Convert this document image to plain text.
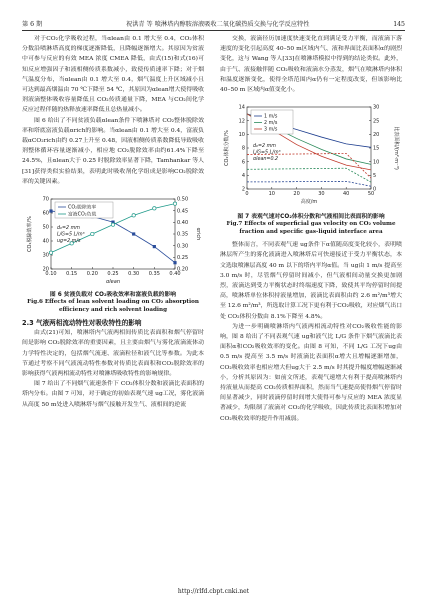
第 6 期	祝洪青 等 喷淋塔内醇胺溶液吸收二氧化碳热质交换与化学反应特性	145

对于CO₂化学吸收过程，当αlean由 0.1 增大至 0.4，CO₂体积分数沿喷淋塔高度的梯度逐渐降低，且降幅逐渐增大。其原因为贫液中可参与反应的有效 MEA 浓度 CMEA 降低，由式(15)和式(16)可知反应增强因子和液相侧传质系数减小，致使传质速率下降；对于烟气温度分布，当αlean由 0.1 增大至 0.4，烟气温度上升区域减小且可达到最高烟温由 70 ℃下降至 54 ℃，其原因为αlean增大使得吸收剂液滴整体吸收容量降低且 CO₂传质通量下降，MEA 与CO₂间化学反应过程伴随的热释放速率降低且总热量减小。

图 6 给出了不同贫液负载αlean条件下喷淋塔对 CO₂整体脱除效率和塔底富液负载αrich的影响。当αlean由 0.1 增大至 0.4，富液负载αCO₂rich由约 0.27上升至 0.48，因液相侧传质系数降低导致吸收剂整体循环容量逐渐减小，相应地 CO₂脱除效率由约61.4%下降至 24.5%，且αlean大于 0.25 时脱除效率显著下降，Tamhankar 等人[31]获得类似实验结果，表明此时吸收剂化学组成是影响CO₂脱除效率的关键因素。

0.10 0.15 0.20 0.25 0.30 0.35 0.40
20
30
40
50
60
70
0.20
0.25
0.30
0.35
0.40
0.45
0.50
αlean
CO₂脱除效率/%	αrich
CO₂脱除效率
富液CO₂负载
d₀=2 mm
L/G=5 L/m³
ug=2 m/s
图 6 贫液负载对 CO₂吸收效率和富液负载的影响
Fig.6 Effects of lean solvent loading on CO₂ absorption
efficiency and rich solvent loading

2.3 气液两相流动特性对吸收特性的影响

由式(21)可知，喷淋塔内气液两相间传质比表面积和烟气停留时间是影响 CO₂脱除效率的重要因素，且主要由烟气与雾化液滴流体动力学特性决定的，包括烟气流速、液滴粒径和液气比等参数。为此本节通过考察不同气液流动特性参数对传质比表面积和CO₂脱除效率的影响获得气液两相流动特性对喷淋塔吸收特性的影响规律。

图 7 给出了不同烟气流速条件下 CO₂体积分数和液滴比表面积的塔内分布。由图 7 可知，对于确定的初始表观气速 ug工况，雾化液滴从高度 50 m处进入喷淋塔与烟气接触开发生气、液相间的逆流

交换，液滴径历加速度快速变化直到满足受力平衡，而液滴下落速度的变化引起高度 40–50 m区域内气、液和界面比表面积α的剧烈变化，这与 Wang 等人[33]在喷淋塔模拟中得到的结论类似。此外，由于气、液接触伴随 CO₂吸收和液滴水分蒸发，烟气在喷淋塔内体积和温度逐渐变化，使得全塔范围内α仍有一定程度改变，但该影响比 40–50 m 区域内α值变化小。

0	10	20	30	40	50
2
4
6
8
10
12
14
0
5
10
15
20
25
30
高度/m
CO₂体积分数/%	比表面积/(m²·m⁻³)
1 m/s
2 m/s
3 m/s
d₀=2 mm
L/G=5 L/m³
αlean=0.2
图 7 表观气速对CO₂体积分数和气液相间比表面积的影响
Fig.7 Effects of superficial gas velocity on CO₂ volume
fraction and specific gas-liquid interface area

整体而言，不同表观气速 ug条件下α值随高度变化较小，表明喷淋层所产生的雾化液滴进入喷淋塔后可快速接近于受力平衡状态，本文选取喷淋层高度 40 m 以下的塔内平均α值。当 ug由 1 m/s 提高至 3.0 m/s 时，尽管烟气停留时间减小，但气液相间动量交换更加剧烈，液滴达到受力平衡状态时终端速度下降，致使其平均停留时间提高，喷淋塔单位体积持液量增加，液滴比表面积由约 2.6 m²/m³增大至 12.6 m²/m³，所选取计算工况下更有利于CO₂吸收，对应烟气出口处 CO₂体积分数由 8.1%下降至 4.8%。

为进一步明确喷淋塔内气液两相流动特性对CO₂吸收性能的影响，图 8 给出了不同表观气速 ug和液气比 L/G 条件下烟气液滴比表面积α和CO₂吸收效率的变化。由图 8 可知，不同 L/G 工况下ug由 0.5 m/s 提高至 3.5 m/s 时液滴比表面积α增大且增幅逐渐增加，CO₂吸收效率也相应增大但ug大于 2.5 m/s 时其提升幅度增幅逐渐减小，分析其原因为：如前文所述，表观气速增大有利于提高喷淋塔内持液量从而提高 CO₂传质相界面积，然而当气速提高使得烟气停留时间显著减少，同时液滴停留时间增大使得可参与反应的 MEA 浓度显著减少，均限制了液滴对 CO₂的化学吸收，因此传质比表面积增加对 CO₂吸收效率的提升作用减弱。

http://rlfd.cbpt.cnki.net
